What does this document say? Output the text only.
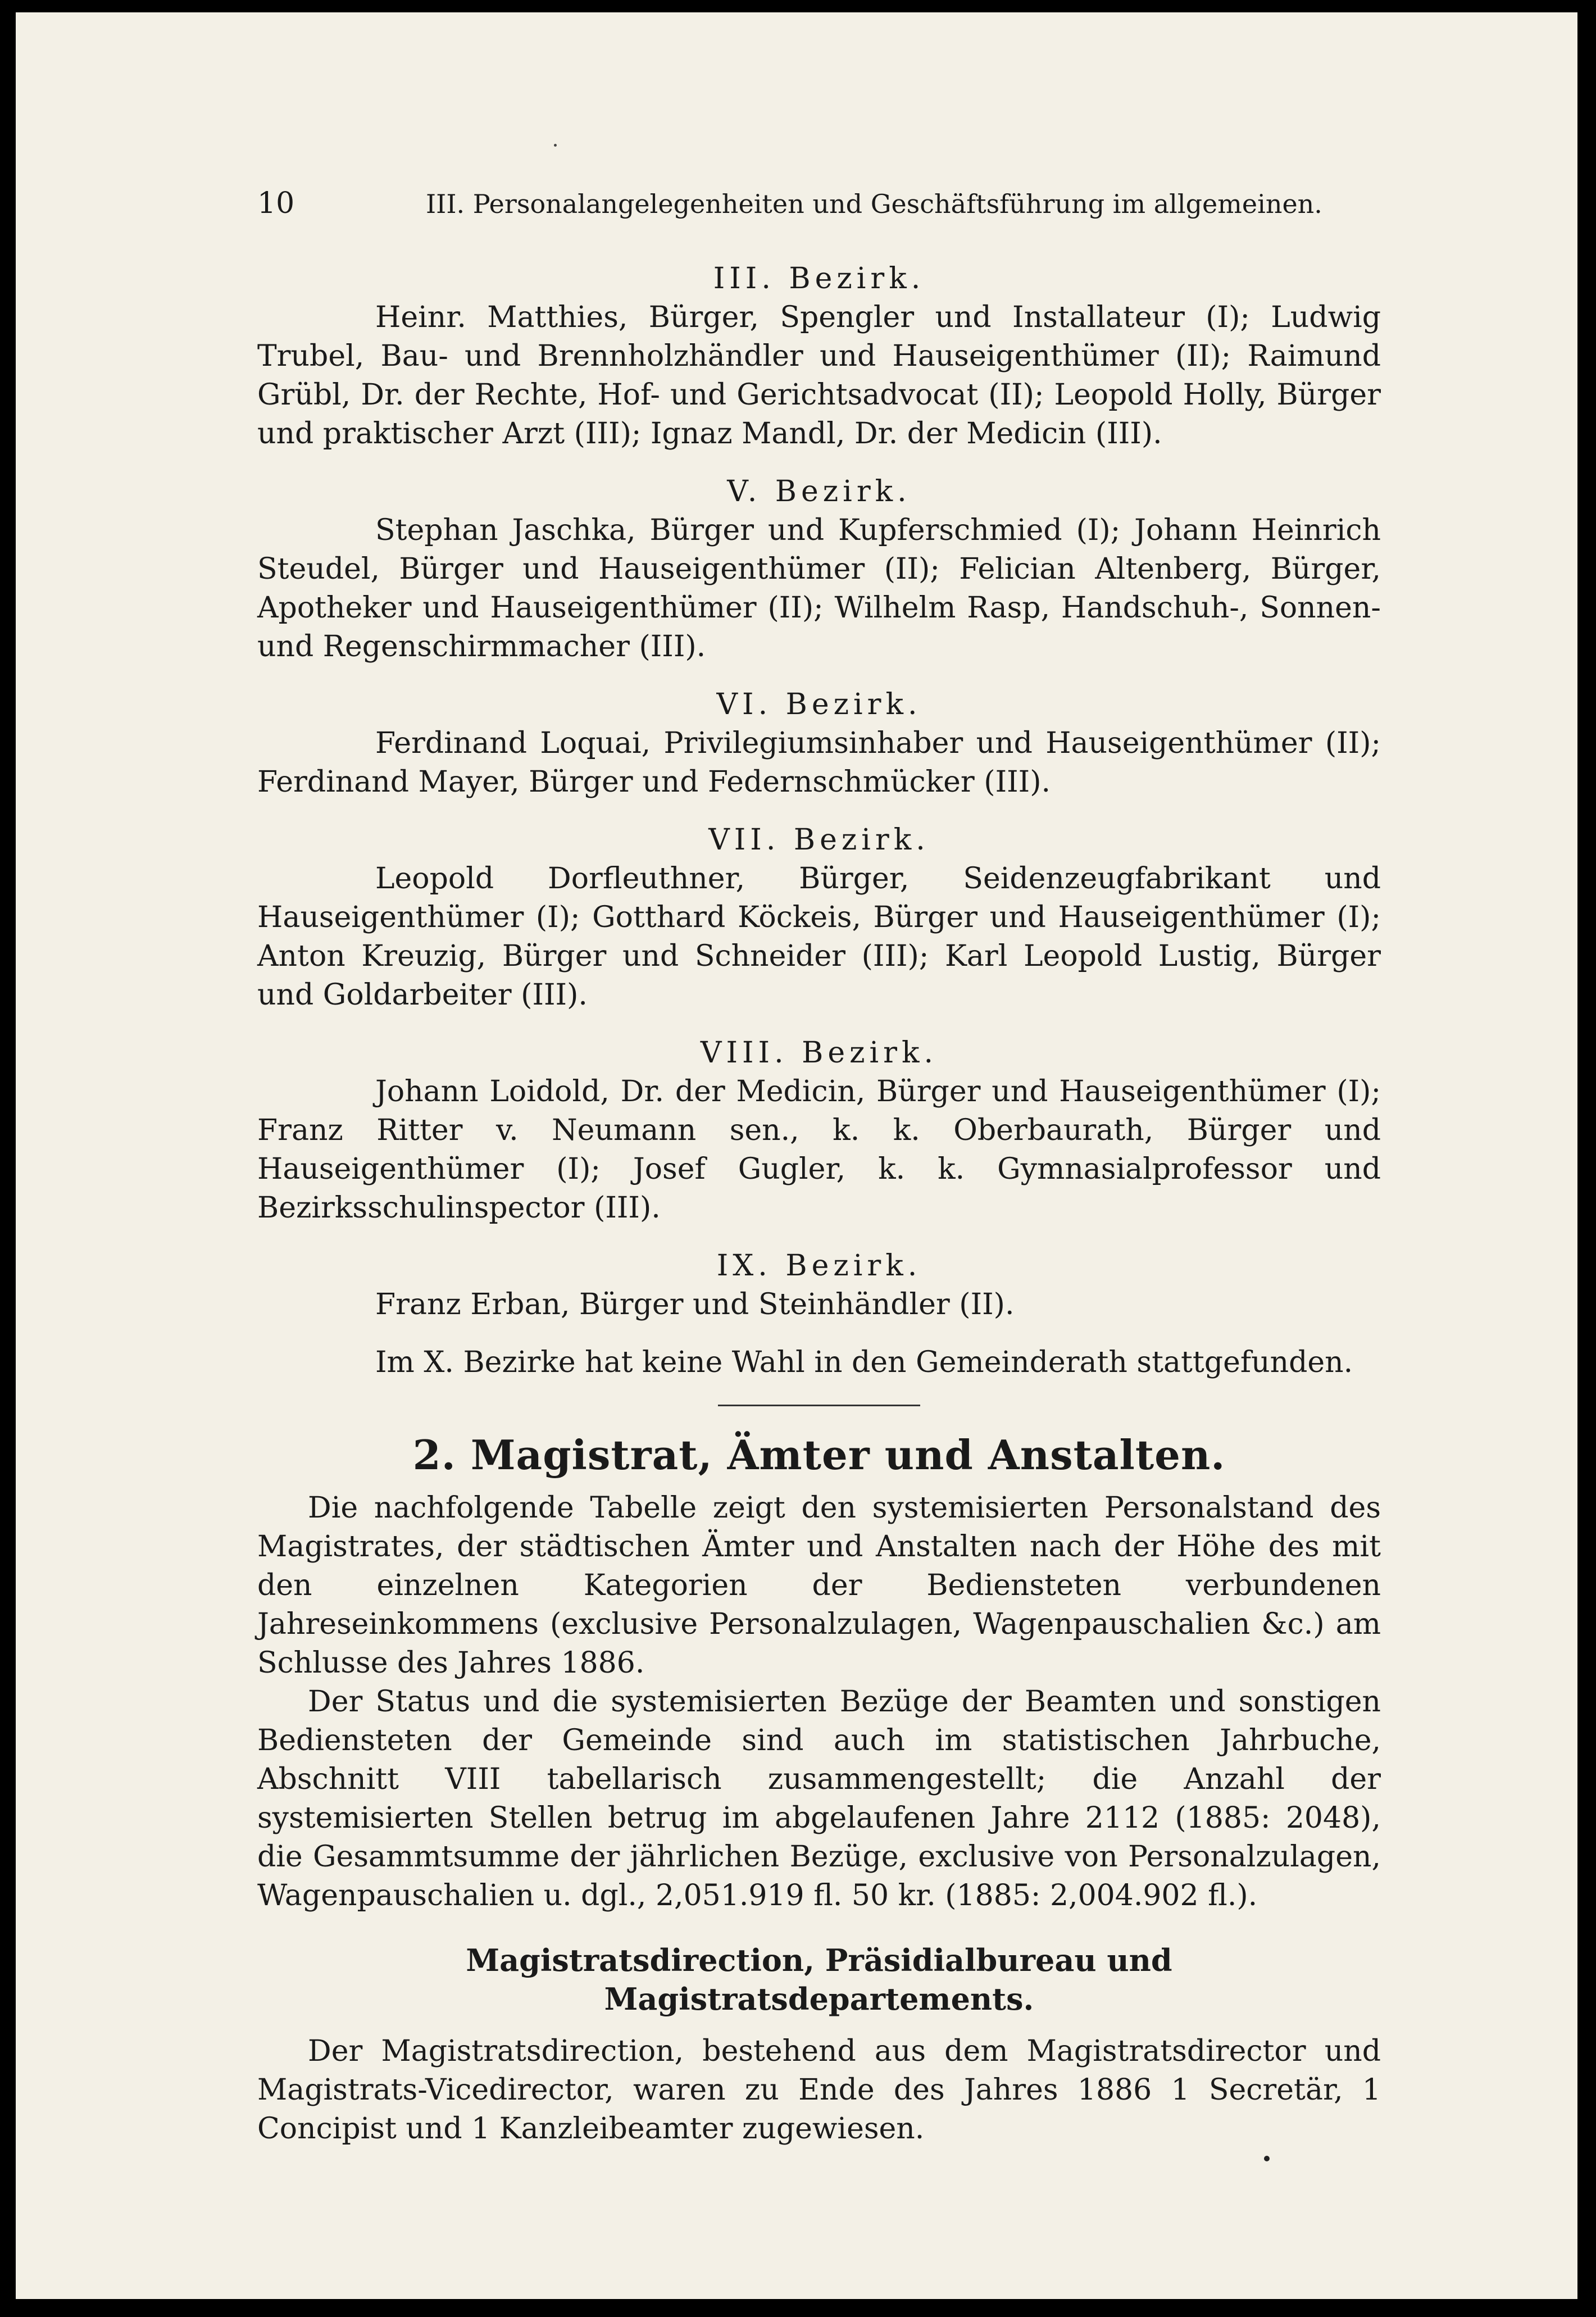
10	III. Personalangelegenheiten und Geschäftsführung im allgemeinen.

III. Bezirk.

Heinr. Matthies, Bürger, Spengler und Installateur (I); Ludwig Trubel, Bau- und Brennholzhändler und Hauseigenthümer (II); Raimund Grübl, Dr. der Rechte, Hof- und Gerichtsadvocat (II); Leopold Holly, Bürger und praktischer Arzt (III); Ignaz Mandl, Dr. der Medicin (III).

V. Bezirk.

Stephan Jaschka, Bürger und Kupferschmied (I); Johann Heinrich Steudel, Bürger und Hauseigenthümer (II); Felician Altenberg, Bürger, Apotheker und Hauseigenthümer (II); Wilhelm Rasp, Handschuh-, Sonnen- und Regenschirmmacher (III).

VI. Bezirk.

Ferdinand Loquai, Privilegiumsinhaber und Hauseigenthümer (II); Ferdinand Mayer, Bürger und Federnschmücker (III).

VII. Bezirk.

Leopold Dorfleuthner, Bürger, Seidenzeugfabrikant und Hauseigenthümer (I); Gotthard Köckeis, Bürger und Hauseigenthümer (I); Anton Kreuzig, Bürger und Schneider (III); Karl Leopold Lustig, Bürger und Goldarbeiter (III).

VIII. Bezirk.

Johann Loidold, Dr. der Medicin, Bürger und Hauseigenthümer (I); Franz Ritter v. Neumann sen., k. k. Oberbaurath, Bürger und Hauseigenthümer (I); Josef Gugler, k. k. Gymnasialprofessor und Bezirksschulinspector (III).

IX. Bezirk.

Franz Erban, Bürger und Steinhändler (II).

Im X. Bezirke hat keine Wahl in den Gemeinderath stattgefunden.

2. Magistrat, Ämter und Anstalten.

Die nachfolgende Tabelle zeigt den systemisierten Personalstand des Magistrates, der städtischen Ämter und Anstalten nach der Höhe des mit den einzelnen Kategorien der Bediensteten verbundenen Jahreseinkommens (exclusive Personalzulagen, Wagenpauschalien &c.) am Schlusse des Jahres 1886.

Der Status und die systemisierten Bezüge der Beamten und sonstigen Bediensteten der Gemeinde sind auch im statistischen Jahrbuche, Abschnitt VIII tabellarisch zusammengestellt; die Anzahl der systemisierten Stellen betrug im abgelaufenen Jahre 2112 (1885: 2048), die Gesammtsumme der jährlichen Bezüge, exclusive von Personalzulagen, Wagenpauschalien u. dgl., 2,051.919 fl. 50 kr. (1885: 2,004.902 fl.).

Magistratsdirection, Präsidialbureau und Magistratsdepartements.

Der Magistratsdirection, bestehend aus dem Magistratsdirector und Magistrats-Vicedirector, waren zu Ende des Jahres 1886 1 Secretär, 1 Concipist und 1 Kanzleibeamter zugewiesen.
